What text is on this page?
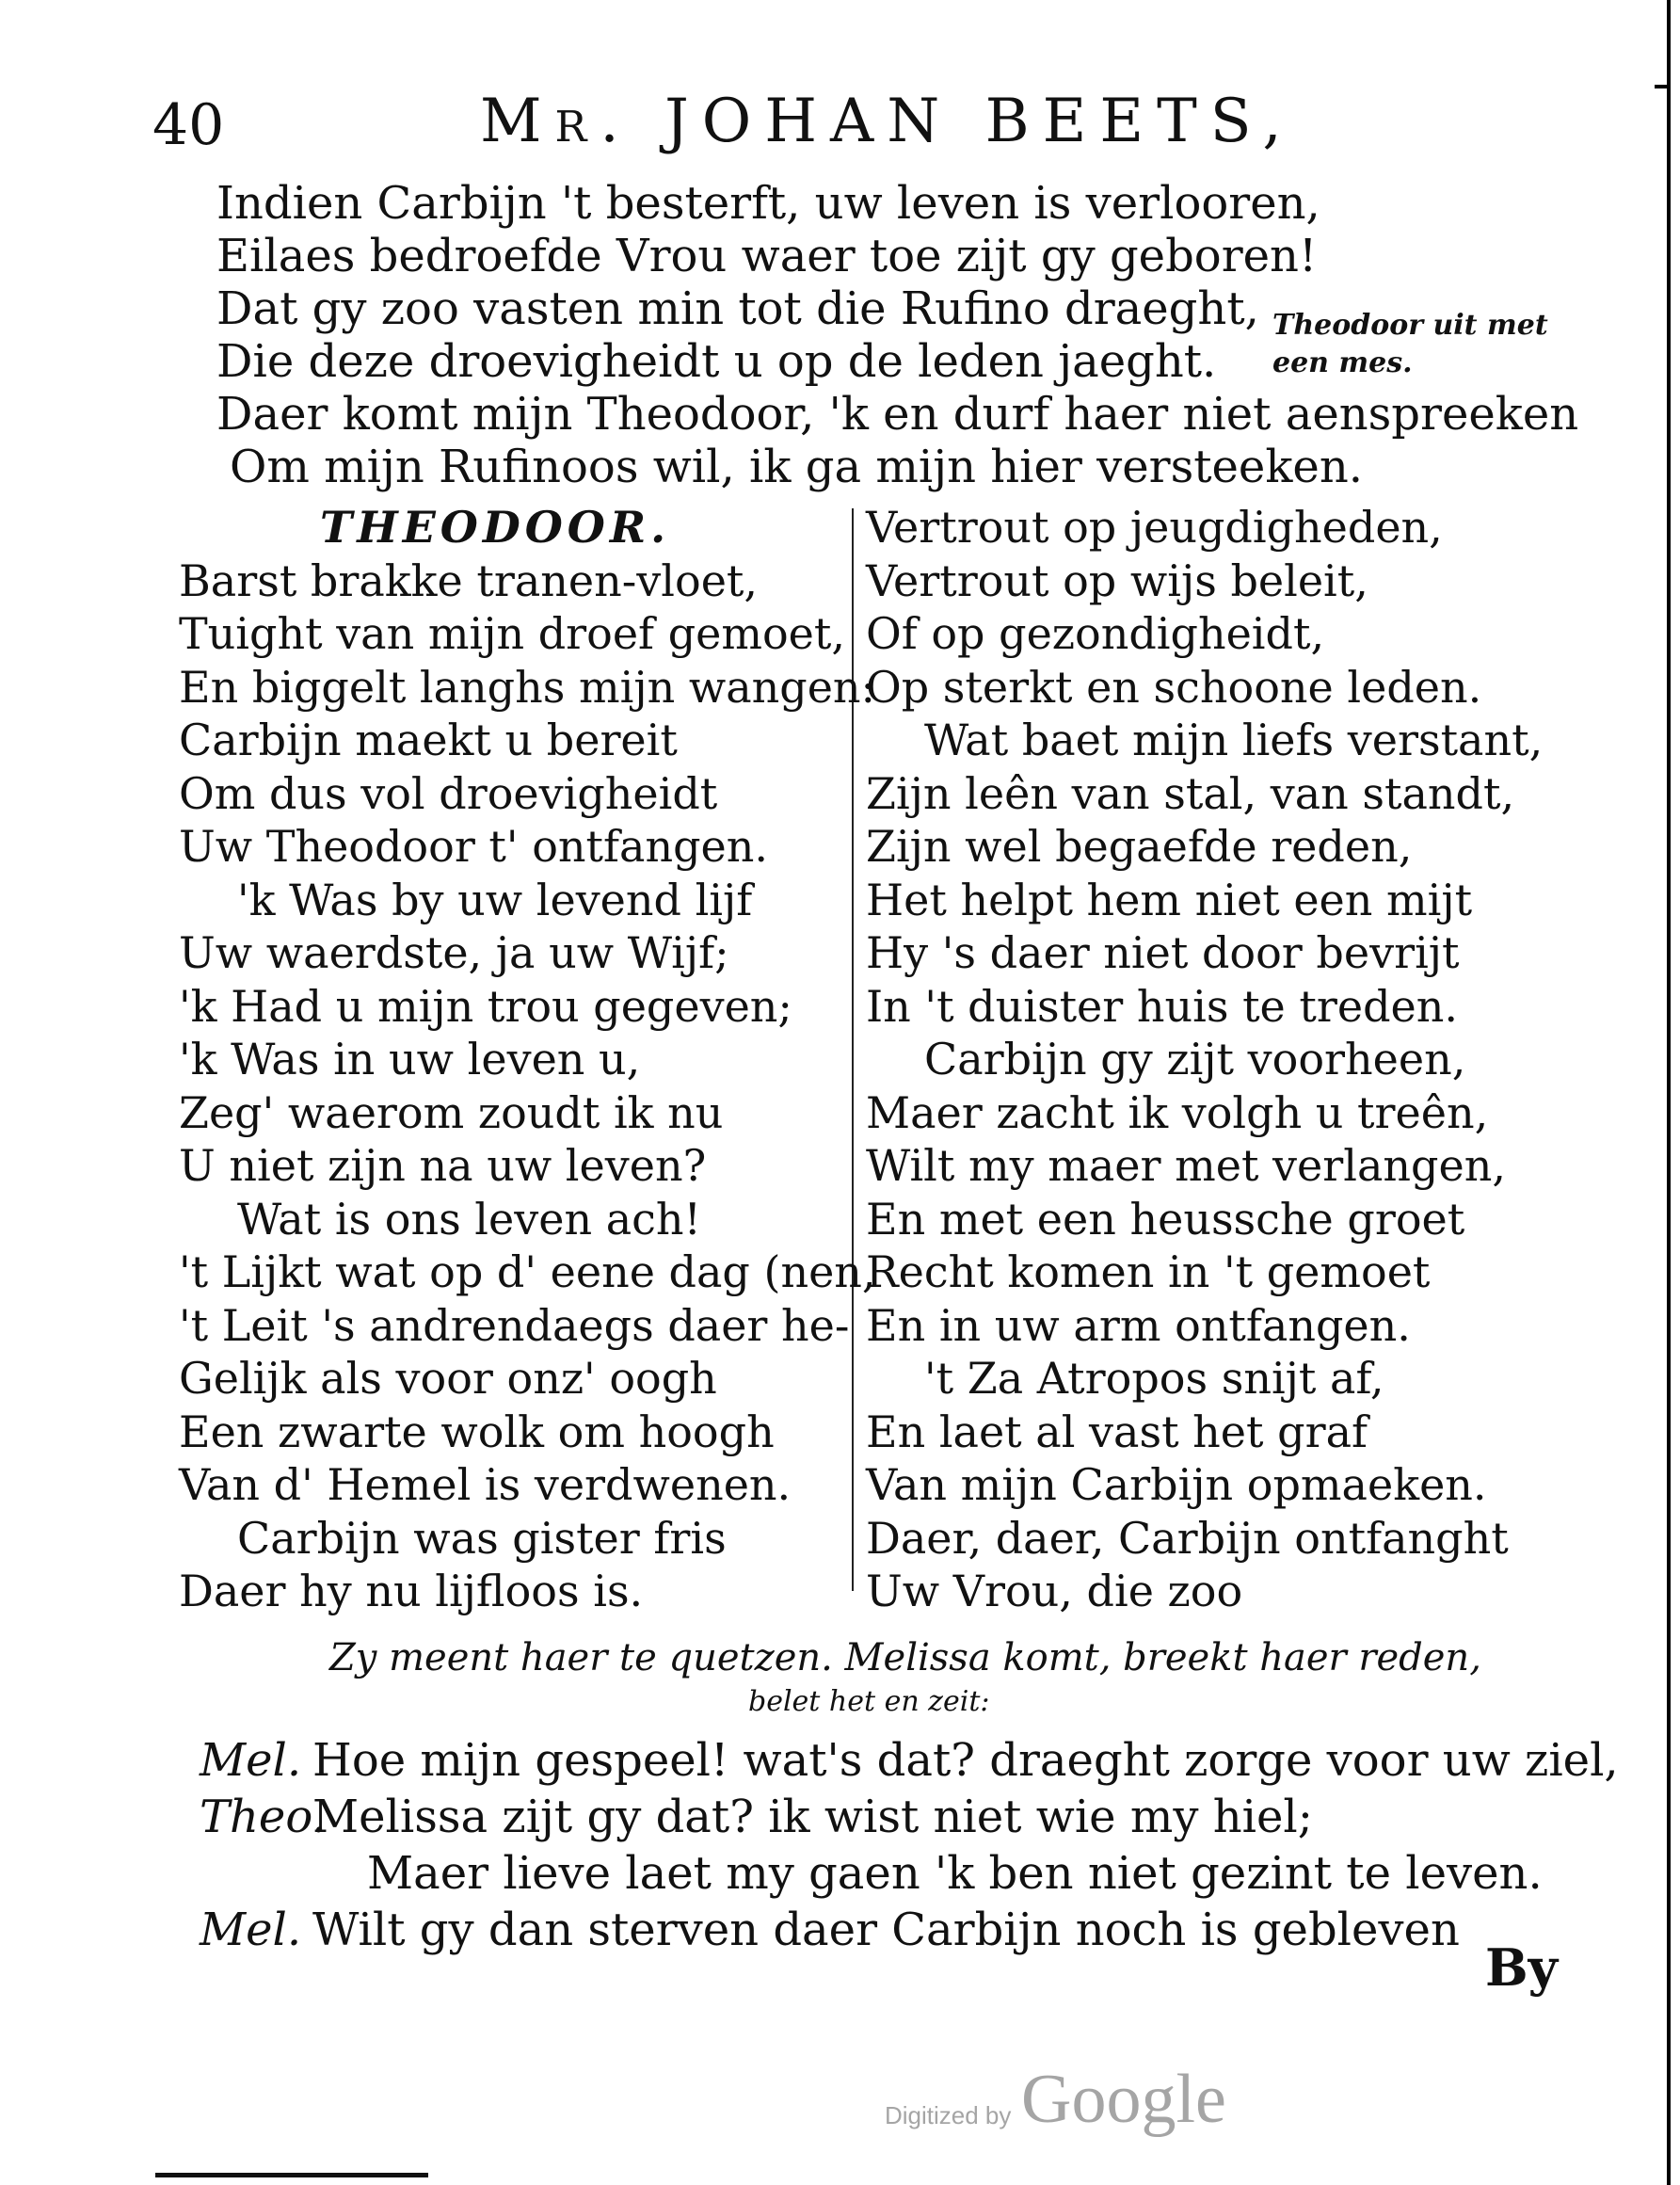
40	Mr. JOHAN BEETS,
Indien Carbijn 't besterft, uw leven is verlooren,
Eilaes bedroefde Vrou waer toe zijt gy geboren!
Dat gy zoo vasten min tot die Rufino draeght,
Die deze droevigheidt u op de leden jaeght.
Daer komt mijn Theodoor, 'k en durf haer niet aenspreeken
Om mijn Rufinoos wil, ik ga mijn hier versteeken.
Theodoor uit met
een mes.
THEODOOR.
Barst brakke tranen-vloet,
Tuight van mijn droef gemoet,
En biggelt langhs mijn wangen:
Carbijn maekt u bereit
Om dus vol droevigheidt
Uw Theodoor t' ontfangen.
'k Was by uw levend lijf
Uw waerdste, ja uw Wijf;
'k Had u mijn trou gegeven;
'k Was in uw leven u,
Zeg' waerom zoudt ik nu
U niet zijn na uw leven?
Wat is ons leven ach!
't Lijkt wat op d' eene dag (nen,
't Leit 's andrendaegs daer he-
Gelijk als voor onz' oogh
Een zwarte wolk om hoogh
Van d' Hemel is verdwenen.
Carbijn was gister fris
Daer hy nu lijfloos is.
Vertrout op jeugdigheden,
Vertrout op wijs beleit,
Of op gezondigheidt,
Op sterkt en schoone leden.
Wat baet mijn liefs verstant,
Zijn leên van stal, van standt,
Zijn wel begaefde reden,
Het helpt hem niet een mijt
Hy 's daer niet door bevrijt
In 't duister huis te treden.
Carbijn gy zijt voorheen,
Maer zacht ik volgh u treên,
Wilt my maer met verlangen,
En met een heussche groet
Recht komen in 't gemoet
En in uw arm ontfangen.
't Za Atropos snijt af,
En laet al vast het graf
Van mijn Carbijn opmaeken.
Daer, daer, Carbijn ontfanght
Uw Vrou, die zoo
Zy meent haer te quetzen. Melissa komt, breekt haer reden,
belet het en zeit:
Mel. Hoe mijn gespeel! wat's dat? draeght zorge voor uw ziel,
Theo.Melissa zijt gy dat? ik wist niet wie my hiel;
Maer lieve laet my gaen 'k ben niet gezint te leven.
Mel. Wilt gy dan sterven daer Carbijn noch is gebleven
By
Digitized by Google
